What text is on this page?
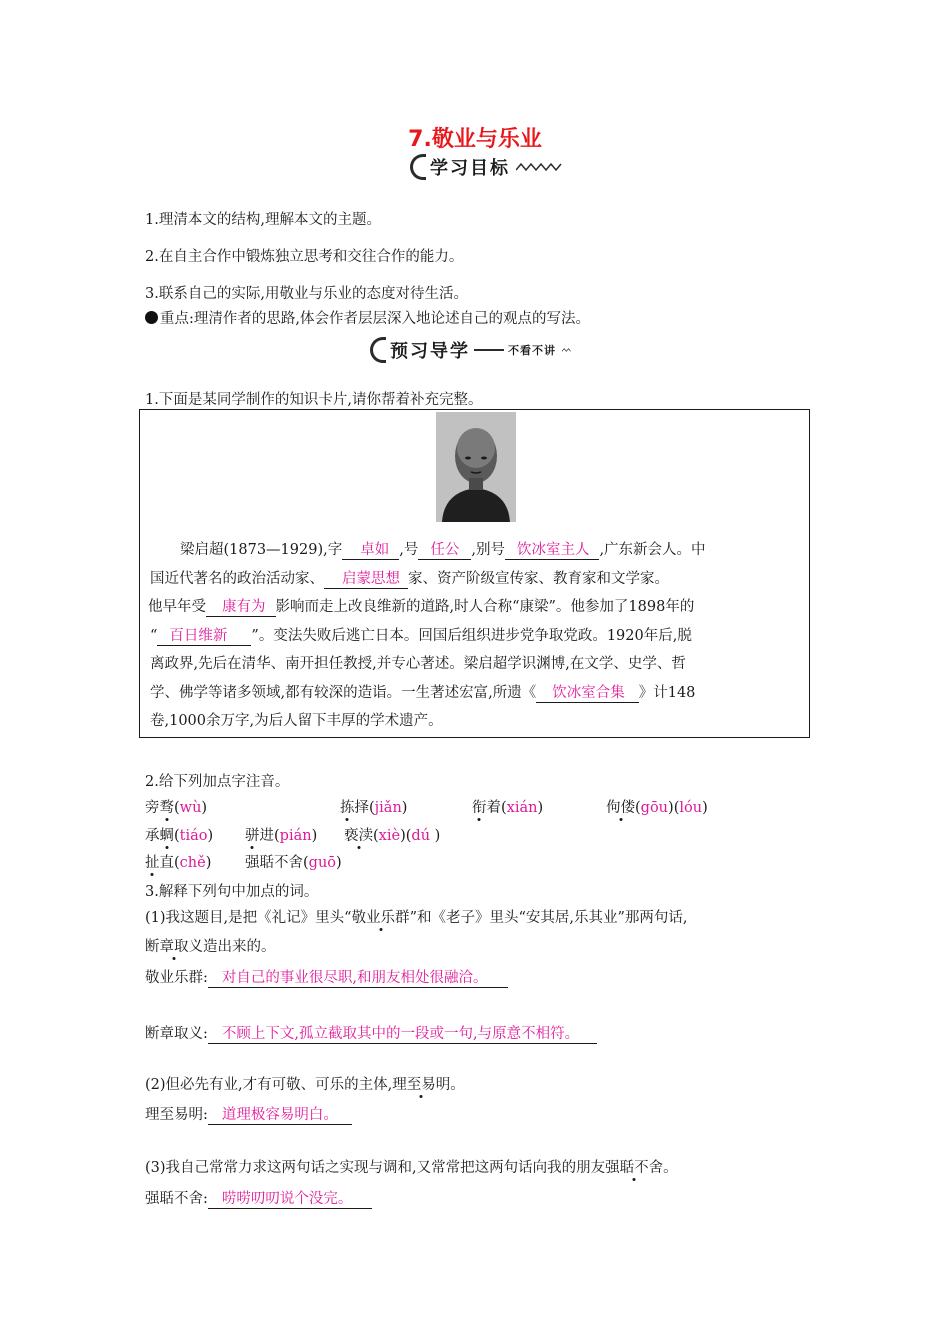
7.敬业与乐业
学习目标
1.理清本文的结构,理解本文的主题。
2.在自主合作中锻炼独立思考和交往合作的能力。
3.联系自己的实际,用敬业与乐业的态度对待生活。
重点:理清作者的思路,体会作者层层深入地论述自己的观点的写法。
预习导学	不看不讲
1.下面是某同学制作的知识卡片,请你帮着补充完整。
梁启超(1873—1929),字 卓如 ,号 任公 ,别号 饮冰室主人 ,广东新会人。中
国近代著名的政治活动家、 启蒙思想 家、资产阶级宣传家、教育家和文学家。
他早年受 康有为 影响而走上改良维新的道路,时人合称“康梁”。他参加了1898年的
“ 百日维新 ”。变法失败后逃亡日本。回国后组织进步党争取党政。1920年后,脱
离政界,先后在清华、南开担任教授,并专心著述。梁启超学识渊博,在文学、史学、哲
学、佛学等诸多领域,都有较深的造诣。一生著述宏富,所遗《 饮冰室合集 》计148
卷,1000余万字,为后人留下丰厚的学术遗产。
2.给下列加点字注音。
旁骛(wù)	拣择(jiǎn)	衔着(xián)	佝偻(gōu)(lóu)
承蜩(tiáo) 骈进(pián) 亵渎(xiè)(dú )
扯直(chě) 强聒不舍(guō)
3.解释下列句中加点的词。
(1)我这题目,是把《礼记》里头“敬业乐群”和《老子》里头“安其居,乐其业”那两句话,
断章取义造出来的。
敬业乐群: 对自己的事业很尽职,和朋友相处很融洽。
断章取义: 不顾上下文,孤立截取其中的一段或一句,与原意不相符。
(2)但必先有业,才有可敬、可乐的主体,理至易明。
理至易明: 道理极容易明白。
(3)我自己常常力求这两句话之实现与调和,又常常把这两句话向我的朋友强聒不舍。
强聒不舍: 唠唠叨叨说个没完。
